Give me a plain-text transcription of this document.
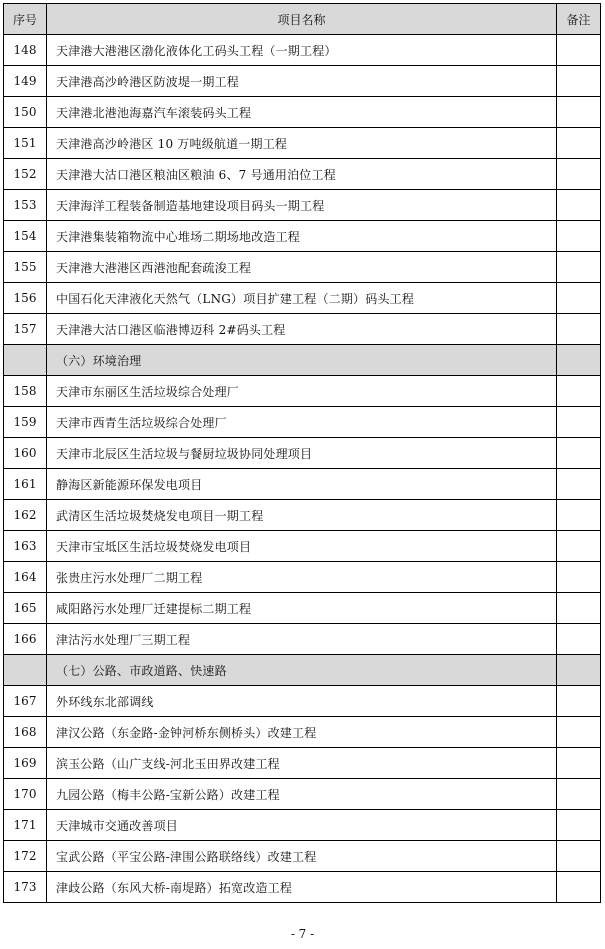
序号	项目名称	备注
148	天津港大港港区渤化液体化工码头工程（一期工程）	
149	天津港高沙岭港区防波堤一期工程	
150	天津港北港池海嘉汽车滚装码头工程	
151	天津港高沙岭港区 10 万吨级航道一期工程	
152	天津港大沽口港区粮油区粮油 6、7 号通用泊位工程	
153	天津海洋工程装备制造基地建设项目码头一期工程	
154	天津港集装箱物流中心堆场二期场地改造工程	
155	天津港大港港区西港池配套疏浚工程	
156	中国石化天津液化天然气（LNG）项目扩建工程（二期）码头工程	
157	天津港大沽口港区临港博迈科 2#码头工程	
	（六）环境治理	
158	天津市东丽区生活垃圾综合处理厂	
159	天津市西青生活垃圾综合处理厂	
160	天津市北辰区生活垃圾与餐厨垃圾协同处理项目	
161	静海区新能源环保发电项目	
162	武清区生活垃圾焚烧发电项目一期工程	
163	天津市宝坻区生活垃圾焚烧发电项目	
164	张贵庄污水处理厂二期工程	
165	咸阳路污水处理厂迁建提标二期工程	
166	津沽污水处理厂三期工程	
	（七）公路、市政道路、快速路	
167	外环线东北部调线	
168	津汉公路（东金路-金钟河桥东侧桥头）改建工程	
169	滨玉公路（山广支线-河北玉田界改建工程	
170	九园公路（梅丰公路-宝新公路）改建工程	
171	天津城市交通改善项目	
172	宝武公路（平宝公路-津围公路联络线）改建工程	
173	津歧公路（东风大桥-南堤路）拓宽改造工程	
- 7 -
